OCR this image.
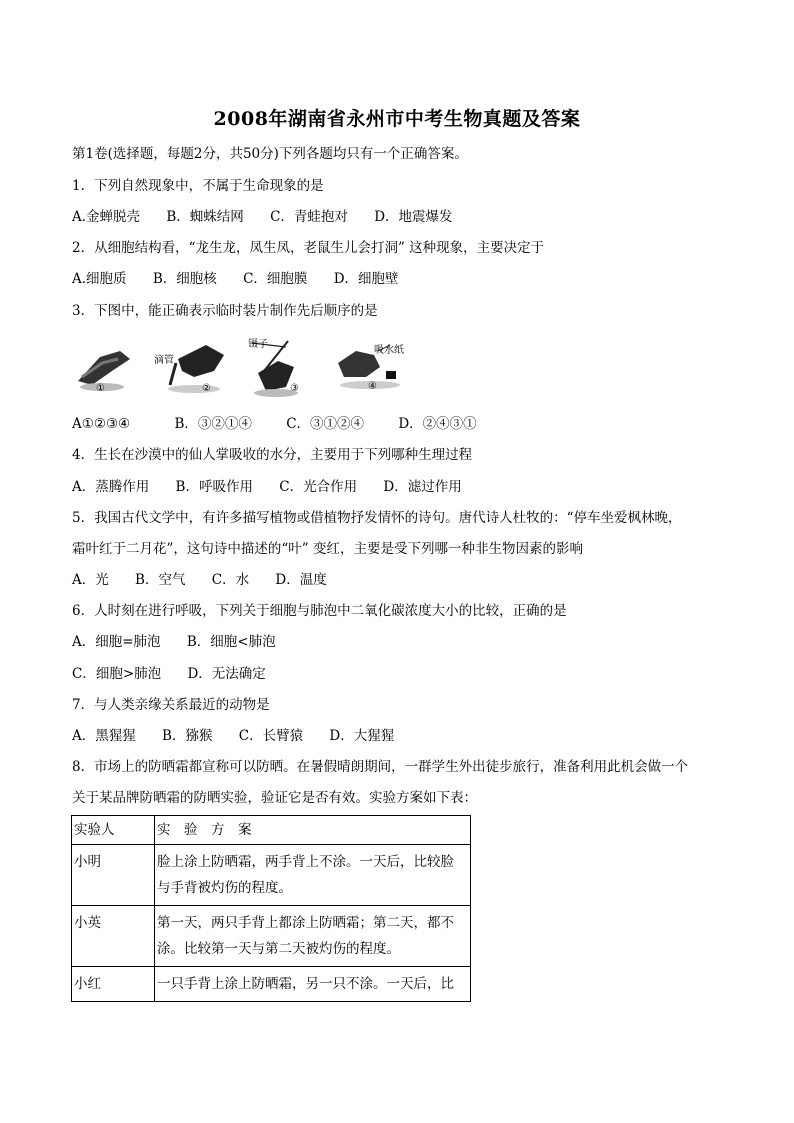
2008年湖南省永州市中考生物真题及答案
第1卷(选择题，每题2分，共50分)下列各题均只有一个正确答案。
1．下列自然现象中，不属于生命现象的是
A.金蝉脱壳 B．蜘蛛结网 C．青蛙抱对 D．地震爆发
2．从细胞结构看，“龙生龙，凤生凤，老鼠生儿会打洞” 这种现象，主要决定于
A.细胞质 B．细胞核 C．细胞膜 D．细胞壁
3．下图中，能正确表示临时装片制作先后顺序的是
①
滴管
②
镊子
③
吸水纸
④
A①②③④	B．③②①④	C．③①②④	D．②④③①
4．生长在沙漠中的仙人掌吸收的水分，主要用于下列哪种生理过程
A．蒸腾作用 B．呼吸作用 C．光合作用 D．滤过作用
5．我国古代文学中，有许多描写植物或借植物抒发情怀的诗句。唐代诗人杜牧的：“停车坐爱枫林晚，
霜叶红于二月花”，这句诗中描述的“叶” 变红，主要是受下列哪一种非生物因素的影响
A．光 B．空气 C．水 D．温度
6．人时刻在进行呼吸，下列关于细胞与肺泡中二氧化碳浓度大小的比较，正确的是
A．细胞=肺泡 B．细胞<肺泡
C．细胞>肺泡 D．无法确定
7．与人类亲缘关系最近的动物是
A．黑猩猩 B．猕猴 C．长臂猿 D．大猩猩
8．市场上的防晒霜都宣称可以防晒。在暑假晴朗期间，一群学生外出徒步旅行，准备利用此机会做一个
关于某品牌防晒霜的防晒实验，验证它是否有效。实验方案如下表：
实验人	实　验　方　案
小明	脸上涂上防晒霜，两手背上不涂。一天后，比较脸
与手背被灼伤的程度。

小英	第一天，两只手背上都涂上防晒霜；第二天，都不
涂。比较第一天与第二天被灼伤的程度。

小红	一只手背上涂上防晒霜，另一只不涂。一天后，比
